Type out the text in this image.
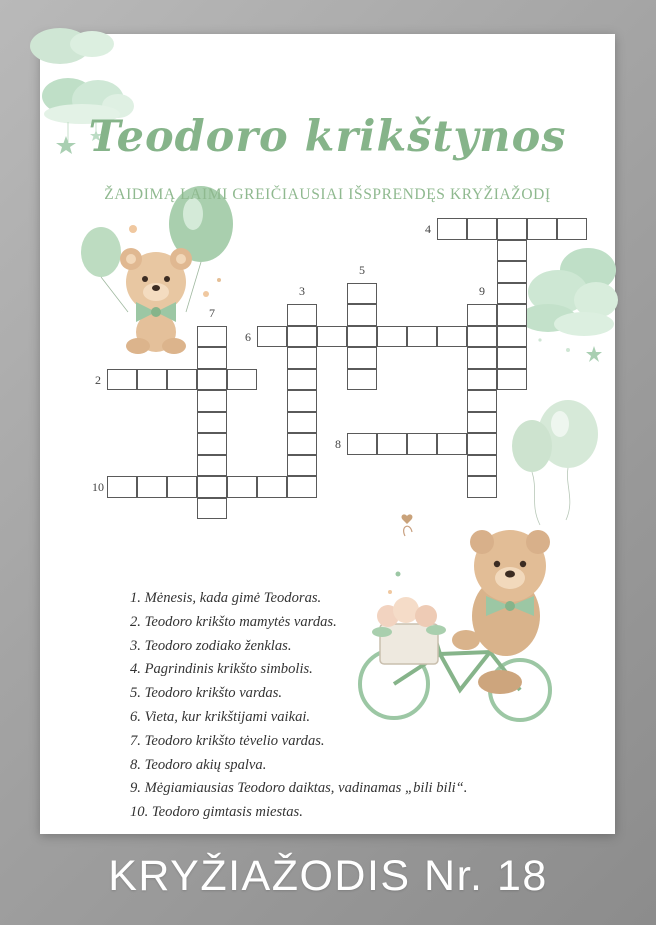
Teodoro krikštynos
ŽAIDIMĄ LAIMI GREIČIAUSIAI IŠSPRENDĘS KRYŽIAŽODĮ
2
3
4
5
6
7
8
9
10
1. Mėnesis, kada gimė Teodoras.
2. Teodoro krikšto mamytės vardas.
3. Teodoro zodiako ženklas.
4. Pagrindinis krikšto simbolis.
5. Teodoro krikšto vardas.
6. Vieta, kur krikštijami vaikai.
7. Teodoro krikšto tėvelio vardas.
8. Teodoro akių spalva.
9. Mėgiamiausias Teodoro daiktas, vadinamas „bili bili“.
10. Teodoro gimtasis miestas.
KRYŽIAŽODIS Nr. 18
